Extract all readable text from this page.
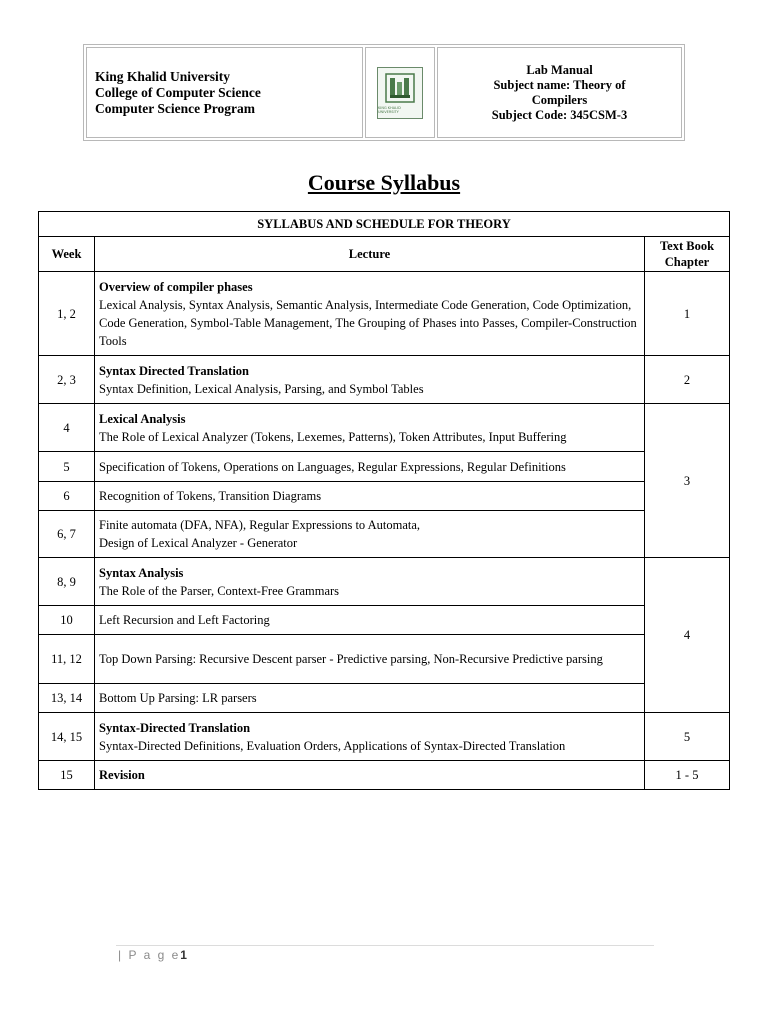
King Khalid University
College of Computer Science
Computer Science Program	KING KHALID UNIVERSITY
Lab Manual
Subject name: Theory of Compilers
Subject Code: 345CSM-3
Course Syllabus
SYLLABUS AND SCHEDULE FOR THEORY		
Week	Lecture	Text Book Chapter

1, 2	Overview of compiler phases
Lexical Analysis, Syntax Analysis, Semantic Analysis, Intermediate Code Generation, Code Optimization, Code Generation, Symbol-Table Management, The Grouping of Phases into Passes, Compiler-Construction Tools	1
2, 3	Syntax Directed Translation
Syntax Definition, Lexical Analysis, Parsing, and Symbol Tables	2
4	Lexical Analysis
The Role of Lexical Analyzer (Tokens, Lexemes, Patterns), Token Attributes, Input Buffering	3
5	Specification of Tokens, Operations on Languages, Regular Expressions, Regular Definitions	
6	Recognition of Tokens, Transition Diagrams	
6, 7	Finite automata (DFA, NFA), Regular Expressions to Automata,
Design of Lexical Analyzer - Generator	

8, 9	Syntax Analysis
The Role of the Parser, Context-Free Grammars	4
10	Left Recursion and Left Factoring	
11, 12	Top Down Parsing: Recursive Descent parser - Predictive parsing, Non-Recursive Predictive parsing	
13, 14	Bottom Up Parsing: LR parsers	
14, 15	Syntax-Directed Translation
Syntax-Directed Definitions, Evaluation Orders, Applications of Syntax-Directed Translation	5
15	Revision	1 - 5
| P a g e1
